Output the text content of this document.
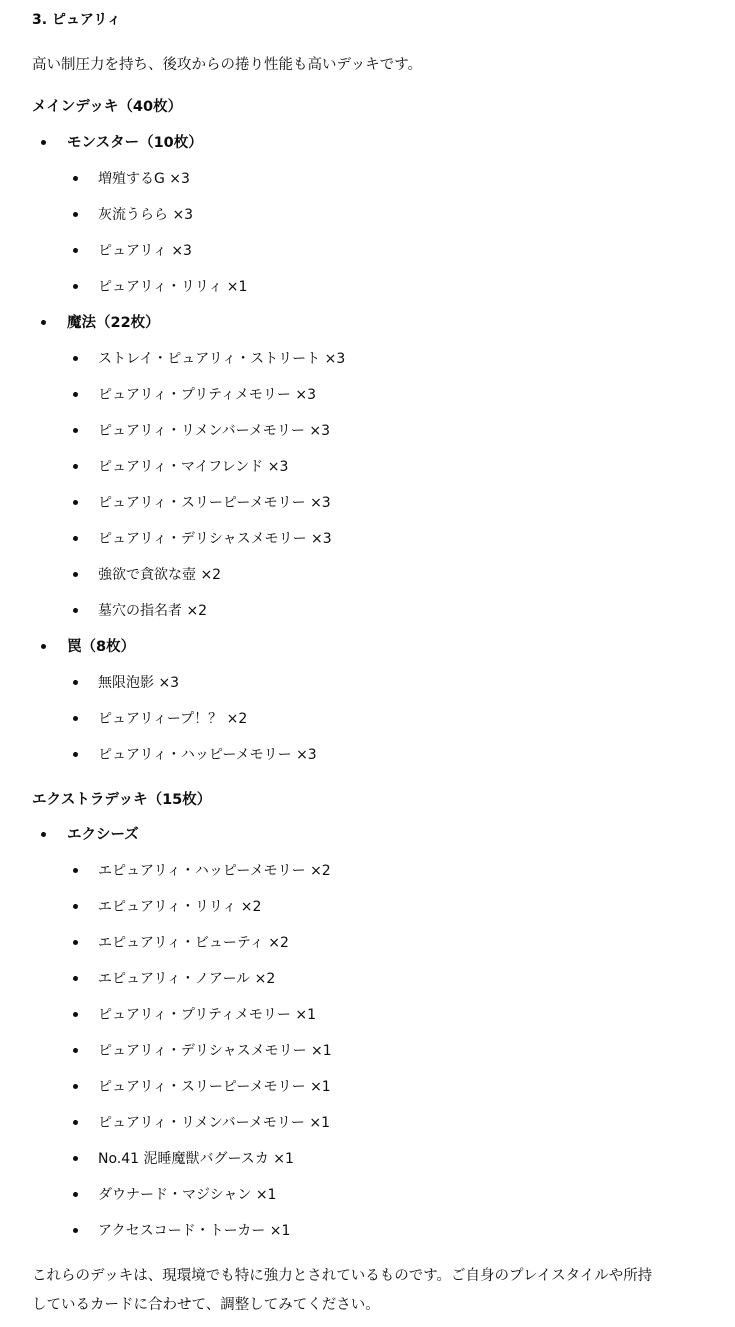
3. ピュアリィ
高い制圧力を持ち、後攻からの捲り性能も高いデッキです。
メインデッキ（40枚）
モンスター（10枚）
増殖するG ×3
灰流うらら ×3
ピュアリィ ×3
ピュアリィ・リリィ ×1
魔法（22枚）
ストレイ・ピュアリィ・ストリート ×3
ピュアリィ・プリティメモリー ×3
ピュアリィ・リメンバーメモリー ×3
ピュアリィ・マイフレンド ×3
ピュアリィ・スリーピーメモリー ×3
ピュアリィ・デリシャスメモリー ×3
強欲で貪欲な壺 ×2
墓穴の指名者 ×2
罠（8枚）
無限泡影 ×3
ピュアリィープ！？ ×2
ピュアリィ・ハッピーメモリー ×3
エクストラデッキ（15枚）
エクシーズ
エピュアリィ・ハッピーメモリー ×2
エピュアリィ・リリィ ×2
エピュアリィ・ビューティ ×2
エピュアリィ・ノアール ×2
ピュアリィ・プリティメモリー ×1
ピュアリィ・デリシャスメモリー ×1
ピュアリィ・スリーピーメモリー ×1
ピュアリィ・リメンバーメモリー ×1
No.41 泥睡魔獣バグースカ ×1
ダウナード・マジシャン ×1
アクセスコード・トーカー ×1
これらのデッキは、現環境でも特に強力とされているものです。ご自身のプレイスタイルや所持
しているカードに合わせて、調整してみてください。
